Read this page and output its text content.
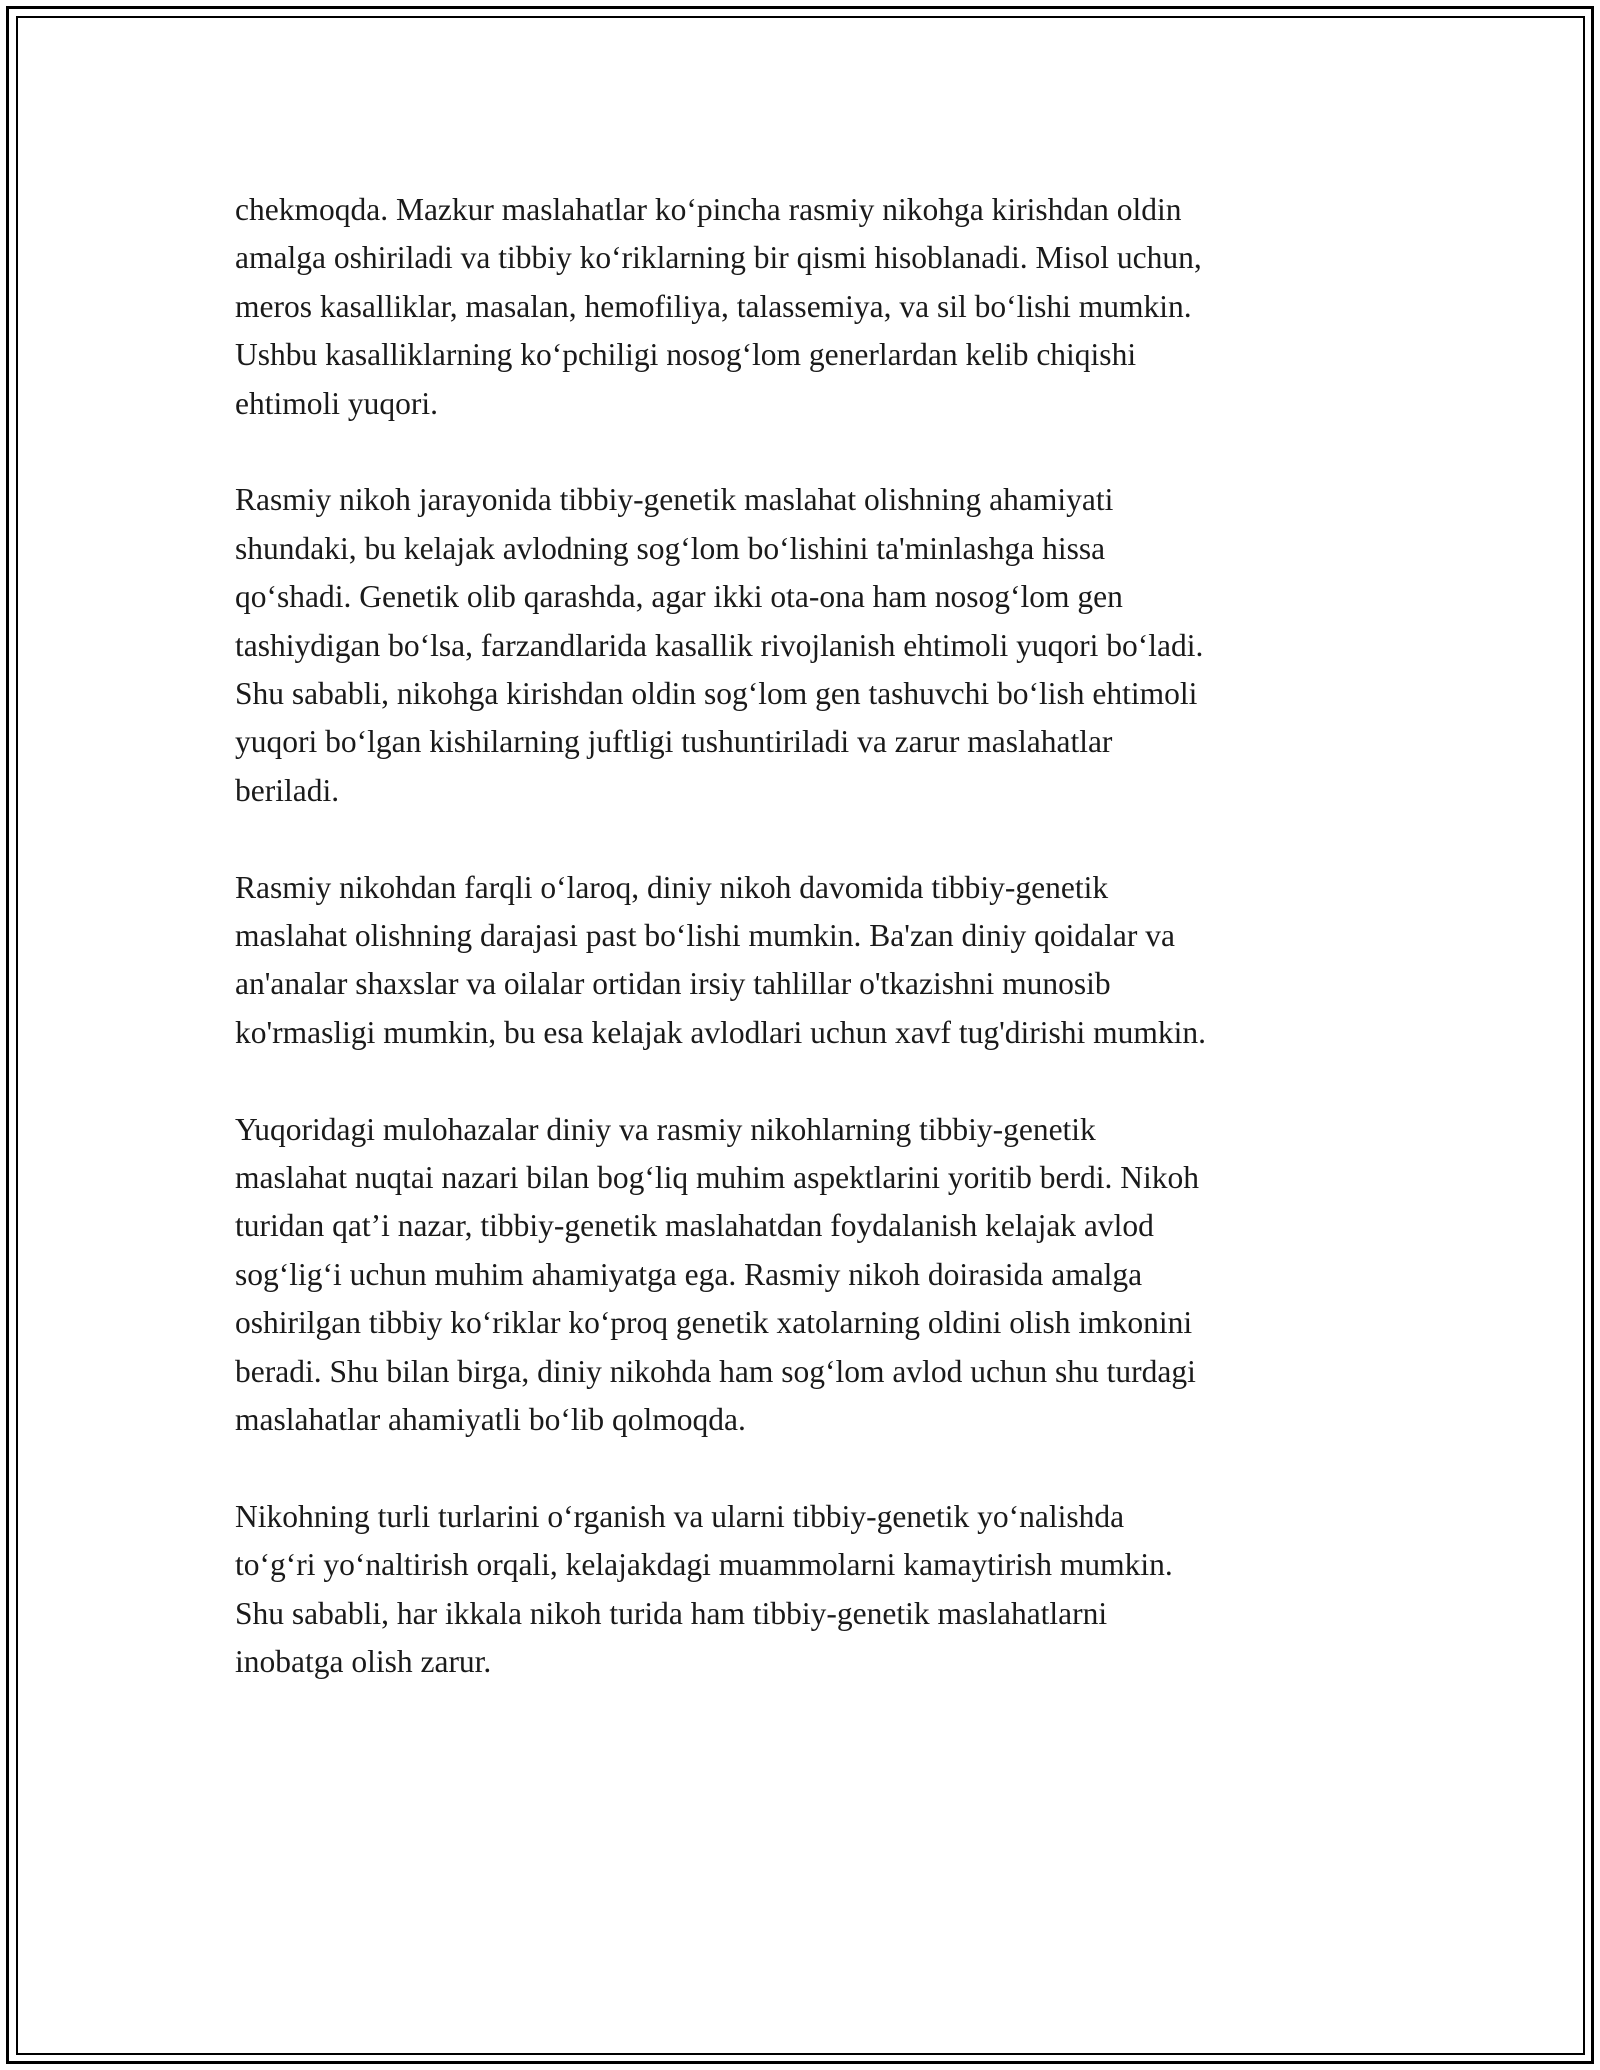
chekmoqda. Mazkur maslahatlar ko‘pincha rasmiy nikohga kirishdan oldin
amalga oshiriladi va tibbiy ko‘riklarning bir qismi hisoblanadi. Misol uchun,
meros kasalliklar, masalan, hemofiliya, talassemiya, va sil bo‘lishi mumkin.
Ushbu kasalliklarning ko‘pchiligi nosog‘lom generlardan kelib chiqishi
ehtimoli yuqori.

Rasmiy nikoh jarayonida tibbiy-genetik maslahat olishning ahamiyati
shundaki, bu kelajak avlodning sog‘lom bo‘lishini ta'minlashga hissa
qo‘shadi. Genetik olib qarashda, agar ikki ota-ona ham nosog‘lom gen
tashiydigan bo‘lsa, farzandlarida kasallik rivojlanish ehtimoli yuqori bo‘ladi.
Shu sababli, nikohga kirishdan oldin sog‘lom gen tashuvchi bo‘lish ehtimoli
yuqori bo‘lgan kishilarning juftligi tushuntiriladi va zarur maslahatlar
beriladi.

Rasmiy nikohdan farqli o‘laroq, diniy nikoh davomida tibbiy-genetik
maslahat olishning darajasi past bo‘lishi mumkin. Ba'zan diniy qoidalar va
an'analar shaxslar va oilalar ortidan irsiy tahlillar o'tkazishni munosib
ko'rmasligi mumkin, bu esa kelajak avlodlari uchun xavf tug'dirishi mumkin.

Yuqoridagi mulohazalar diniy va rasmiy nikohlarning tibbiy-genetik
maslahat nuqtai nazari bilan bog‘liq muhim aspektlarini yoritib berdi. Nikoh
turidan qat’i nazar, tibbiy-genetik maslahatdan foydalanish kelajak avlod
sog‘lig‘i uchun muhim ahamiyatga ega. Rasmiy nikoh doirasida amalga
oshirilgan tibbiy ko‘riklar ko‘proq genetik xatolarning oldini olish imkonini
beradi. Shu bilan birga, diniy nikohda ham sog‘lom avlod uchun shu turdagi
maslahatlar ahamiyatli bo‘lib qolmoqda.

Nikohning turli turlarini o‘rganish va ularni tibbiy-genetik yo‘nalishda
to‘g‘ri yo‘naltirish orqali, kelajakdagi muammolarni kamaytirish mumkin.
Shu sababli, har ikkala nikoh turida ham tibbiy-genetik maslahatlarni
inobatga olish zarur.
